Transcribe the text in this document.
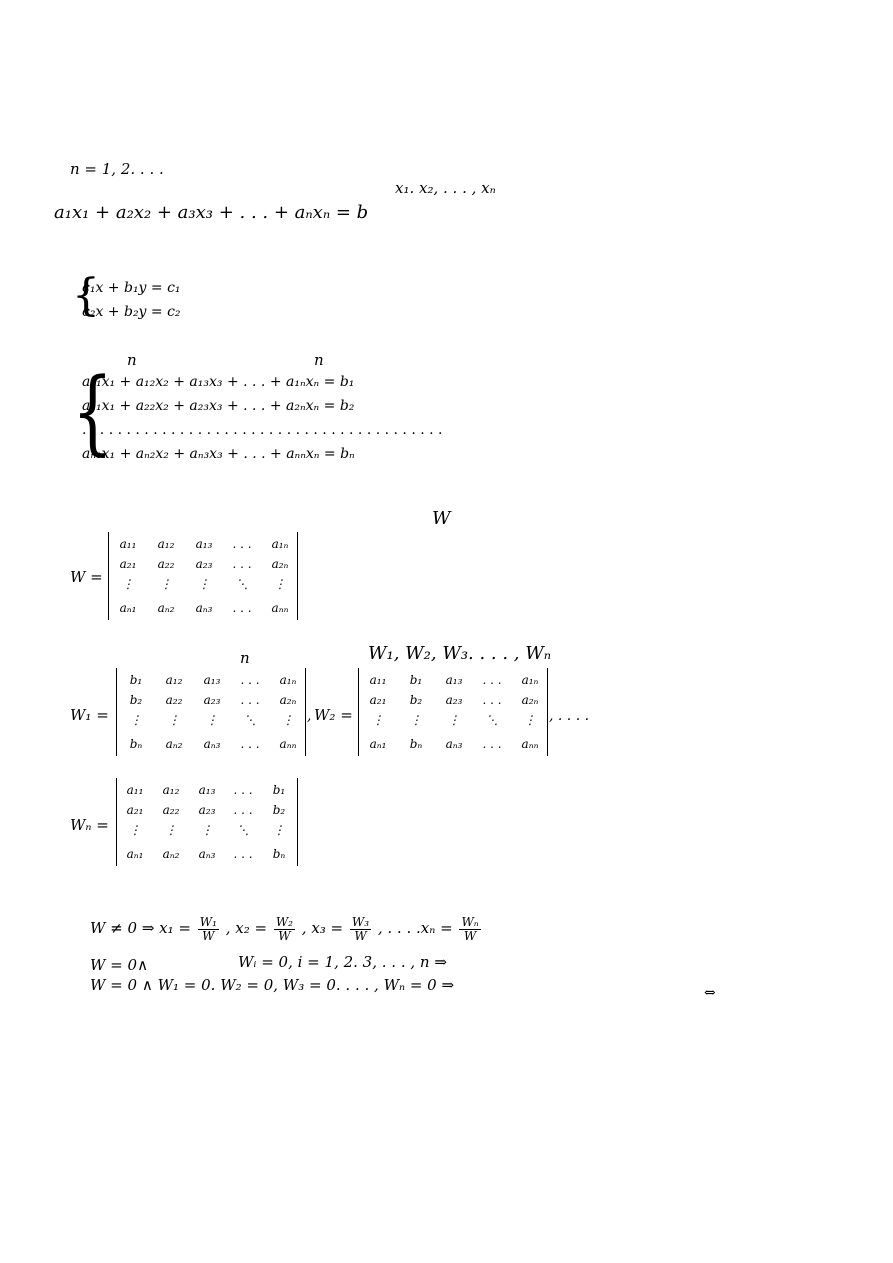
n = 1, 2. . . .
x₁. x₂, . . . , xₙ
a₁x₁ + a₂x₂ + a₃x₃ + . . . + aₙxₙ = b
{
c₁x + b₁y = c₁
c₂x + b₂y = c₂
n	n
{
a₁₁x₁ + a₁₂x₂ + a₁₃x₃ + . . . + a₁ₙxₙ = b₁
a₂₁x₁ + a₂₂x₂ + a₂₃x₃ + . . . + a₂ₙxₙ = b₂
. . . . . . . . . . . . . . . . . . . . . . . . . . . . . . . . . . . . . . . . .
aₙ₁x₁ + aₙ₂x₂ + aₙ₃x₃ + . . . + aₙₙxₙ = bₙ
W
W =
a₁₁	a₁₂	a₁₃	. . .	a₁ₙ
a₂₁	a₂₂	a₂₃	. . .	a₂ₙ
⋮	⋮	⋮	⋱	⋮
aₙ₁	aₙ₂	aₙ₃	. . .	aₙₙ
n	W₁, W₂, W₃. . . . , Wₙ
W₁ =
b₁	a₁₂	a₁₃	. . .	a₁ₙ
b₂	a₂₂	a₂₃	. . .	a₂ₙ
⋮	⋮	⋮	⋱	⋮
bₙ	aₙ₂	aₙ₃	. . .	aₙₙ
, W₂ =
a₁₁	b₁	a₁₃	. . .	a₁ₙ
a₂₁	b₂	a₂₃	. . .	a₂ₙ
⋮	⋮	⋮	⋱	⋮
aₙ₁	bₙ	aₙ₃	. . .	aₙₙ
, . . . .
Wₙ =
a₁₁	a₁₂	a₁₃	. . .	b₁
a₂₁	a₂₂	a₂₃	. . .	b₂
⋮	⋮	⋮	⋱	⋮
aₙ₁	aₙ₂	aₙ₃	. . .	bₙ
W ≠ 0 ⇒ $x_1 = \frac{\text{W₁}}{W}$ , $x_2 = \frac{\text{W₂}}{W}$ , $x_3 = \frac{\text{W₃}}{W}$ , . . . $.x_n = \frac{\text{Wₙ}}{W}$
W = 0∧	Wᵢ = 0, i = 1, 2. 3, . . . , n ⇒
W = 0 ∧ W₁ = 0. W₂ = 0, W₃ = 0. . . . , Wₙ = 0 ⇒	⇔
